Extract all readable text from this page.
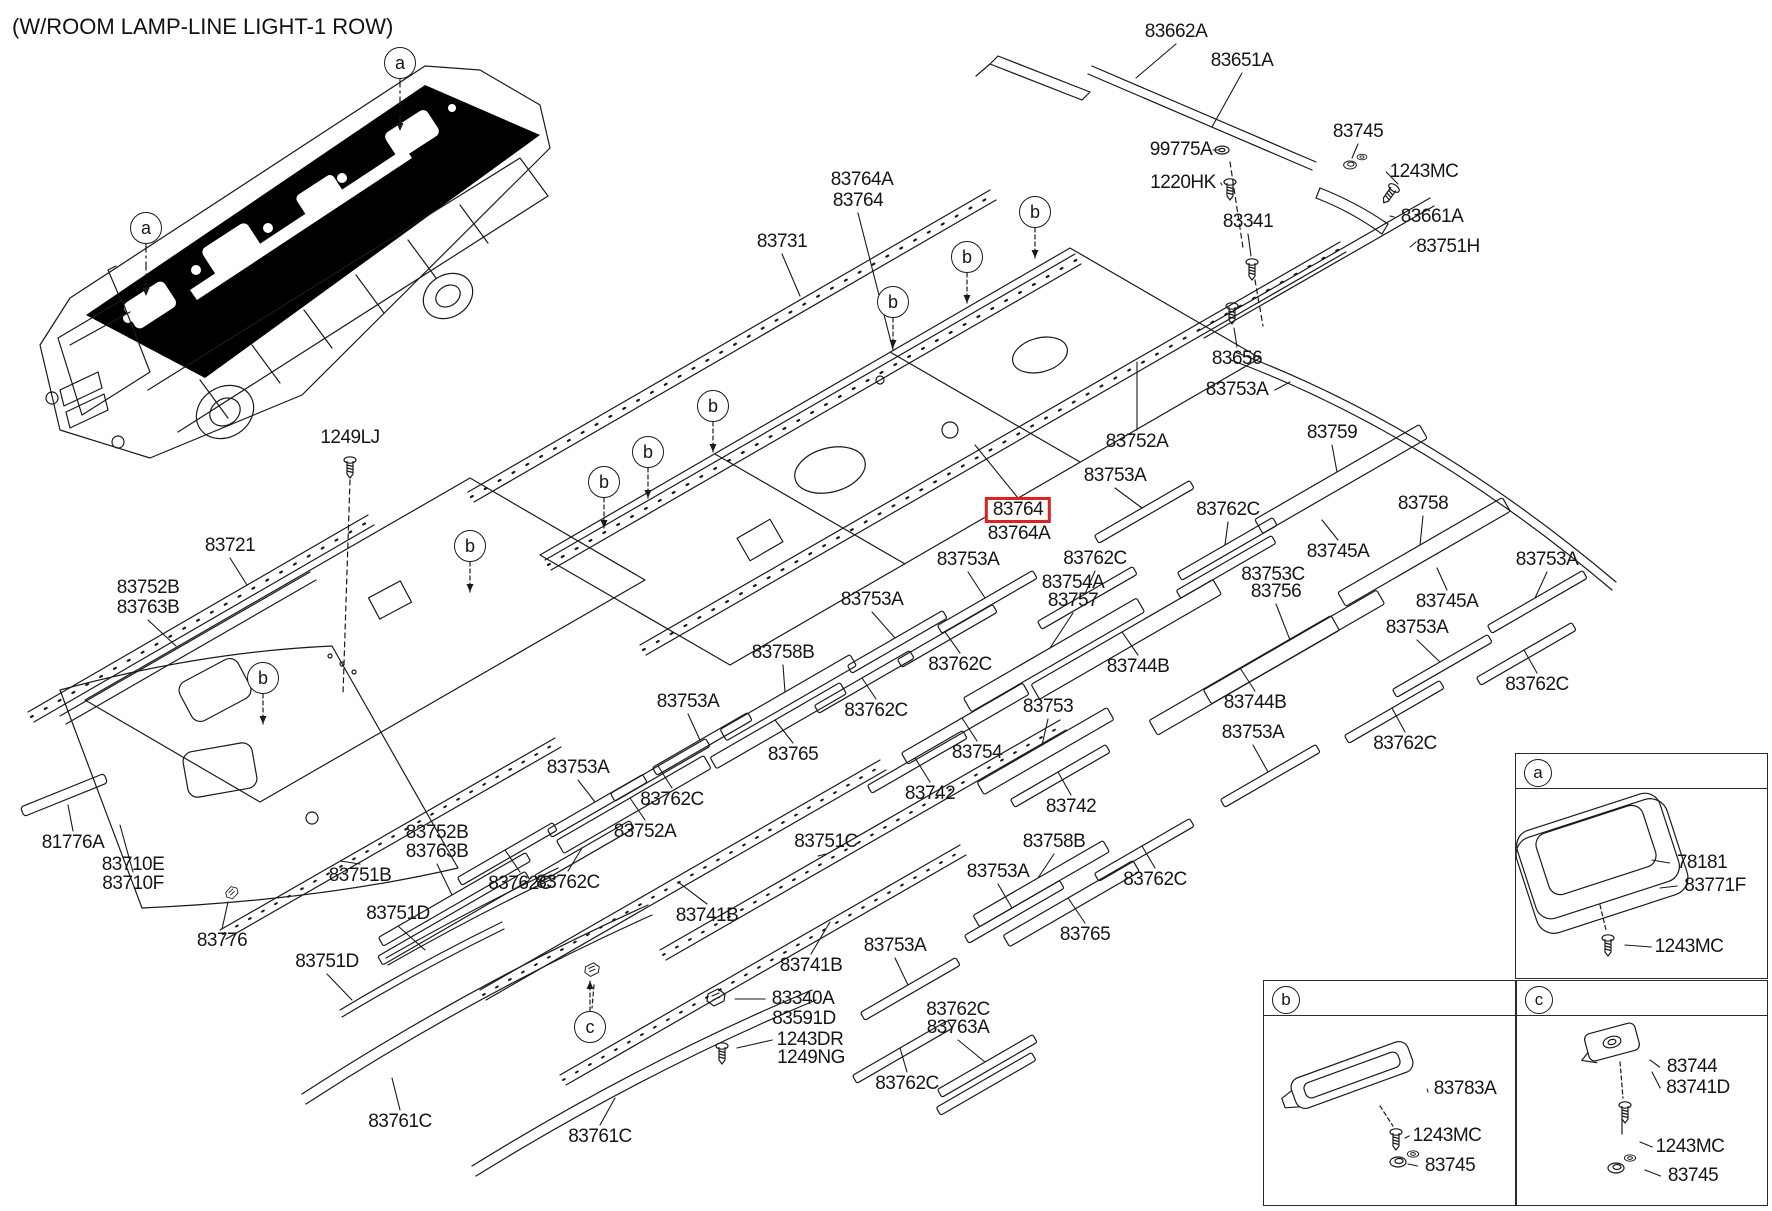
(W/ROOM LAMP-LINE LIGHT-1 ROW)
a
b	c
83662A
83651A
99775A
1220HK
83745
1243MC
83341	83661A
83751H
83764A
83764
83731
83656
1249LJ
83721
83752B
83763B
83753A
83752A
83753A
83762C
83759
83764
83764A
83753A	83762C
83754A
83757
83745A
83758
83753A
83753C
83756	83745A
83753A
83762C
83753A
83758B
83762C	83744B
83753A	83762C	83753	83744B
83753A
83762C
83765
83753A
83754
83742
83742
83762C
83762C
83752A	83751C
83752B
83763B
81776A
83710E
83710F
83776
83751B	83762C
83751D
83751D
83741B
83741B
83753A
83340A
83591D
1243DR
1249NG
83762C
83758B
83753A	83762C
83765
83762C
83763A
83761C
83761C
78181
83771F
1243MC
83783A
1243MC
83745
83744
83741D
1243MC
83745
a
a
b
b
b
b
b
b
b
b
c
